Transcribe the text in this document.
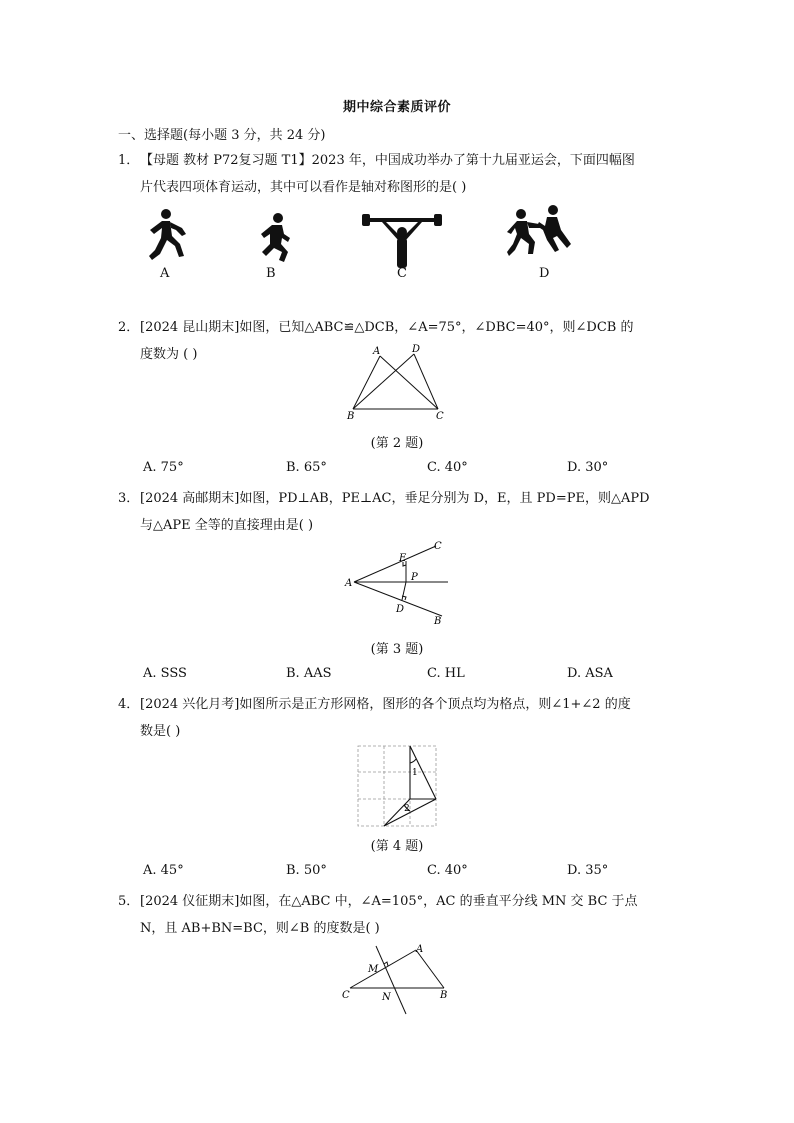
期中综合素质评价
一、选择题(每小题 3 分，共 24 分)
1．【母题 教材 P72复习题 T1】2023 年，中国成功举办了第十九届亚运会，下面四幅图
片代表四项体育运动，其中可以看作是轴对称图形的是( )
A	B	C	D
2．[2024 昆山期末]如图，已知△ABC≌△DCB，∠A=75°，∠DBC=40°，则∠DCB 的
度数为 ( )	A	D
B	C
(第 2 题)
A. 75°	B. 65°	C. 40°	D. 30°
3．[2024 高邮期末]如图，PD⊥AB，PE⊥AC，垂足分别为 D，E，且 PD=PE，则△APD
与△APE 全等的直接理由是( )
A
C
E
P
D
B
(第 3 题)
A. SSS	B. AAS	C. HL	D. ASA
4．[2024 兴化月考]如图所示是正方形网格，图形的各个顶点均为格点，则∠1+∠2 的度
数是( )
1
2
(第 4 题)
A. 45°	B. 50°	C. 40°	D. 35°
5．[2024 仪征期末]如图，在△ABC 中，∠A=105°，AC 的垂直平分线 MN 交 BC 于点
N，且 AB+BN=BC，则∠B 的度数是( )
A
M
C	N	B
